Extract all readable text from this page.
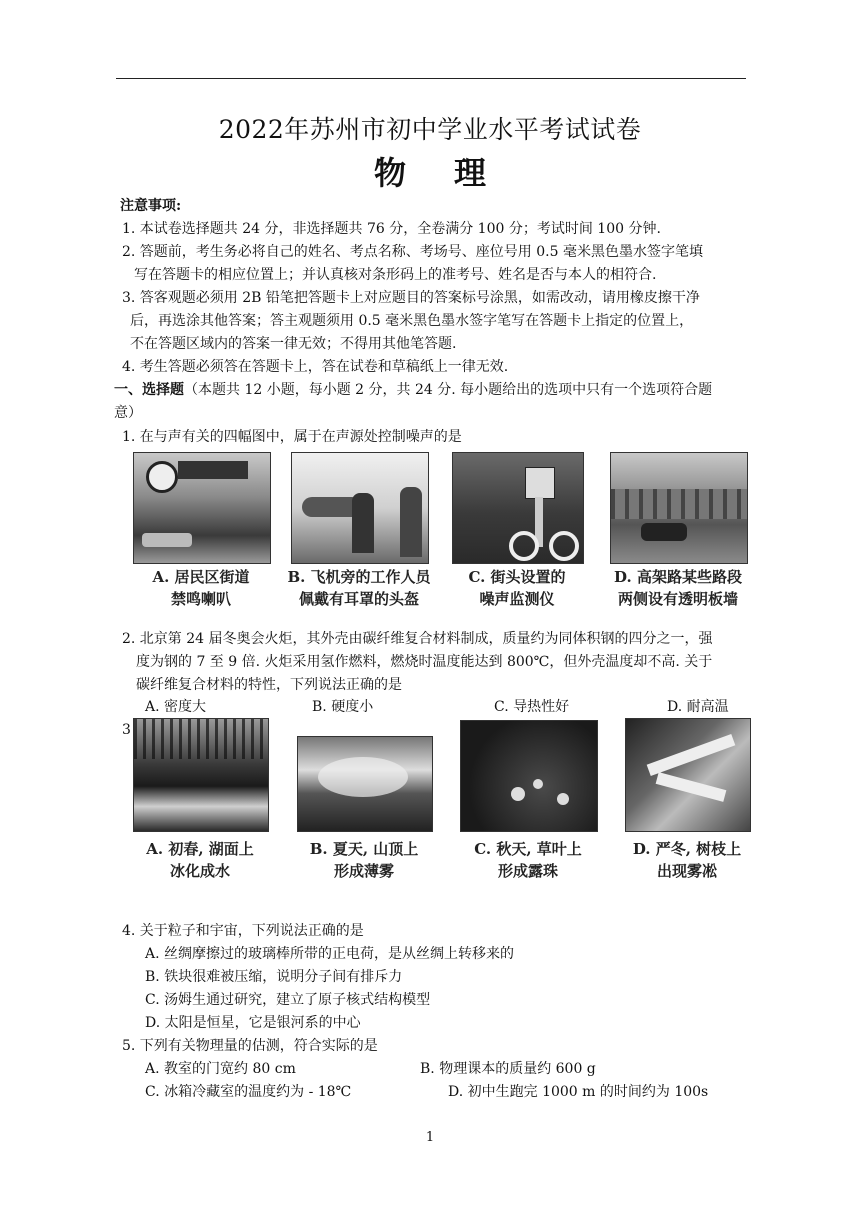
2022年苏州市初中学业水平考试试卷
物理
注意事项:
1. 本试卷选择题共 24 分，非选择题共 76 分，全卷满分 100 分；考试时间 100 分钟.
2. 答题前，考生务必将自己的姓名、考点名称、考场号、座位号用 0.5 毫米黑色墨水签字笔填
写在答题卡的相应位置上；并认真核对条形码上的准考号、姓名是否与本人的相符合.
3. 答客观题必须用 2B 铅笔把答题卡上对应题目的答案标号涂黑，如需改动，请用橡皮擦干净
后，再选涂其他答案；答主观题须用 0.5 毫米黑色墨水签字笔写在答题卡上指定的位置上，
不在答题区域内的答案一律无效；不得用其他笔答题.
4. 考生答题必须答在答题卡上，答在试卷和草稿纸上一律无效.
一、选择题（本题共 12 小题，每小题 2 分，共 24 分. 每小题给出的选项中只有一个选项符合题
意）
1. 在与声有关的四幅图中，属于在声源处控制噪声的是
A. 居民区街道
禁鸣喇叭
B. 飞机旁的工作人员
佩戴有耳罩的头盔
C. 街头设置的
噪声监测仪
D. 高架路某些路段
两侧设有透明板墙
2. 北京第 24 届冬奥会火炬，其外壳由碳纤维复合材料制成，质量约为同体积钢的四分之一，强
度为钢的 7 至 9 倍. 火炬采用氢作燃料，燃烧时温度能达到 800℃，但外壳温度却不高. 关于
碳纤维复合材料的特性，下列说法正确的是
A. 密度大	B. 硬度小	C. 导热性好	D. 耐高温
3
A. 初春, 湖面上
冰化成水
B. 夏天, 山顶上
形成薄雾
C. 秋天, 草叶上
形成露珠
D. 严冬, 树枝上
出现雾凇
4. 关于粒子和宇宙，下列说法正确的是
A. 丝绸摩擦过的玻璃棒所带的正电荷，是从丝绸上转移来的
B. 铁块很难被压缩，说明分子间有排斥力
C. 汤姆生通过研究，建立了原子核式结构模型
D. 太阳是恒星，它是银河系的中心
5. 下列有关物理量的估测，符合实际的是
A. 教室的门宽约 80 cm	B. 物理课本的质量约 600 g
C. 冰箱冷藏室的温度约为 - 18℃	D. 初中生跑完 1000 m 的时间约为 100s
1
